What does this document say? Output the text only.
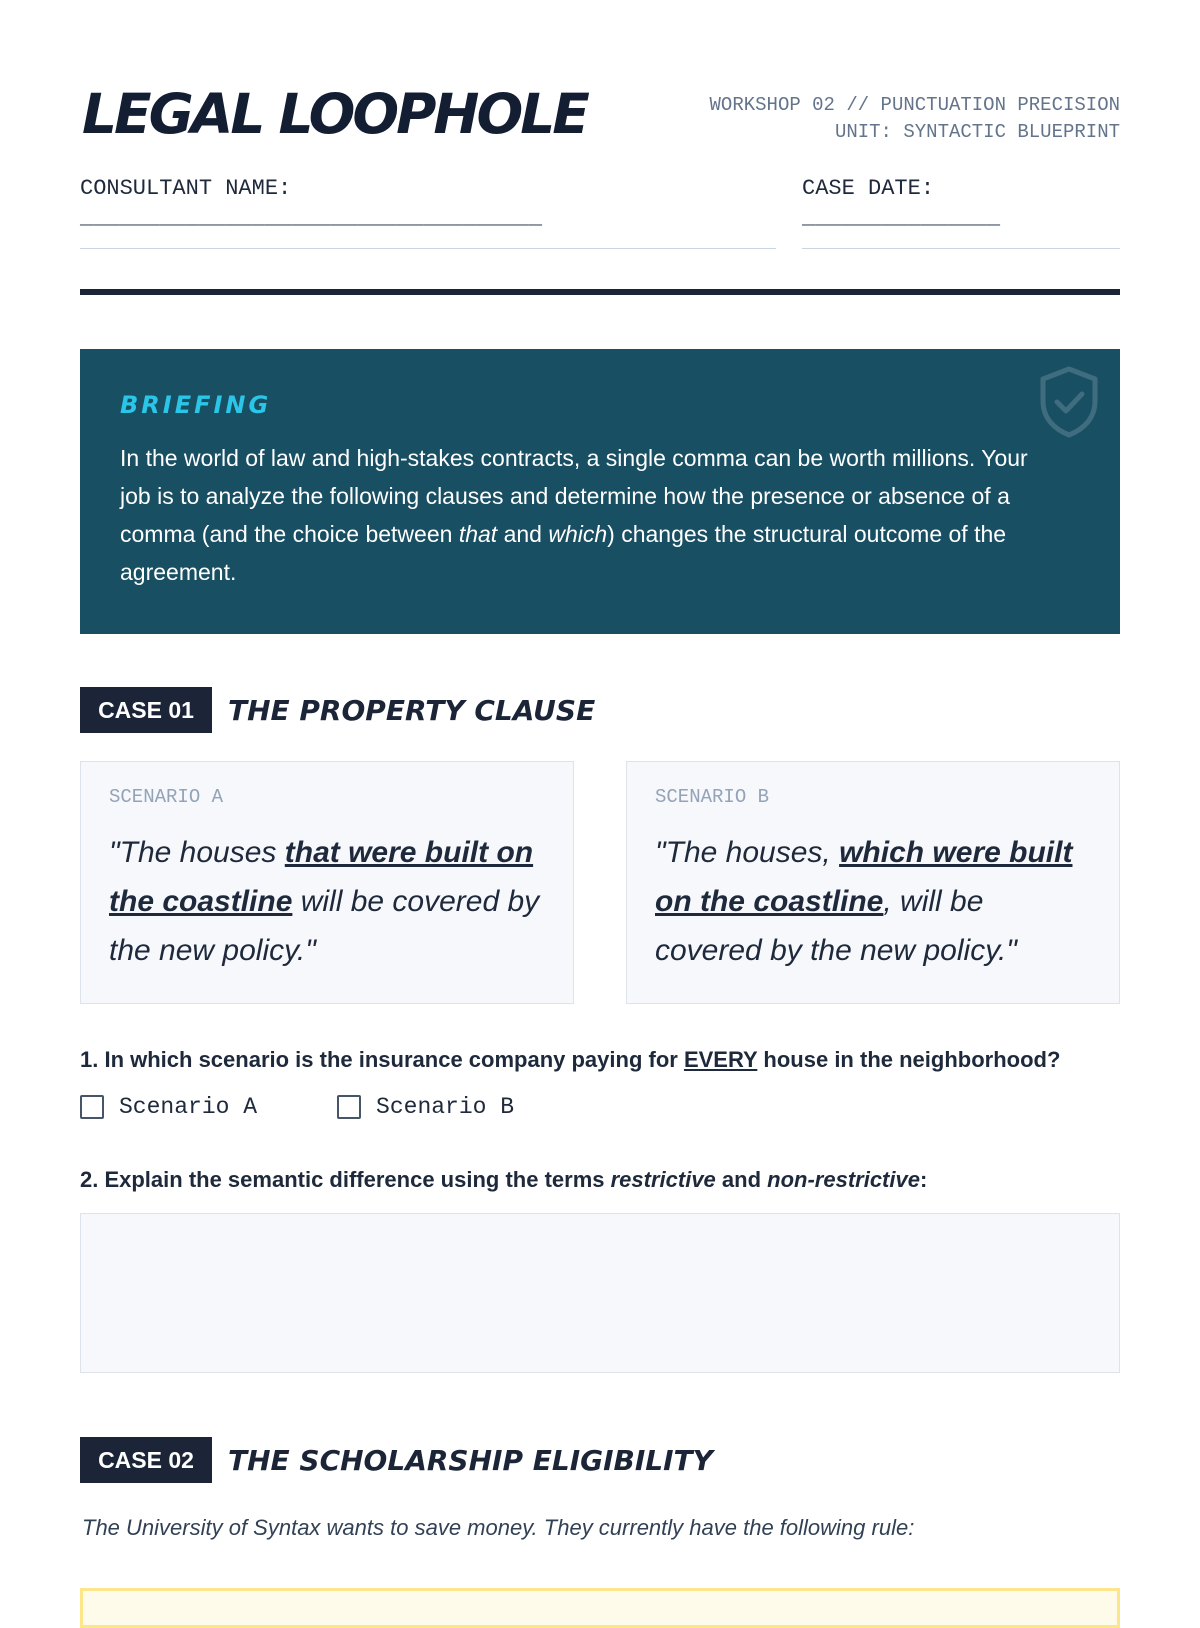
LEGAL LOOPHOLE	WORKSHOP 02 // PUNCTUATION PRECISION
UNIT: SYNTACTIC BLUEPRINT
CONSULTANT NAME:
___________________________________
CASE DATE:
_______________
BRIEFING

In the world of law and high-stakes contracts, a single comma can be worth millions. Your job is to analyze the following clauses and determine how the presence or absence of a comma (and the choice between that and which) changes the structural outcome of the agreement.

CASE 01	THE PROPERTY CLAUSE
SCENARIO A
"The houses that were built on the coastline will be covered by the new policy."
SCENARIO B
"The houses, which were built on the coastline, will be covered by the new policy."
1. In which scenario is the insurance company paying for EVERY house in the neighborhood?
Scenario A	Scenario B
2. Explain the semantic difference using the terms restrictive and non-restrictive:
CASE 02	THE SCHOLARSHIP ELIGIBILITY
The University of Syntax wants to save money. They currently have the following rule:
